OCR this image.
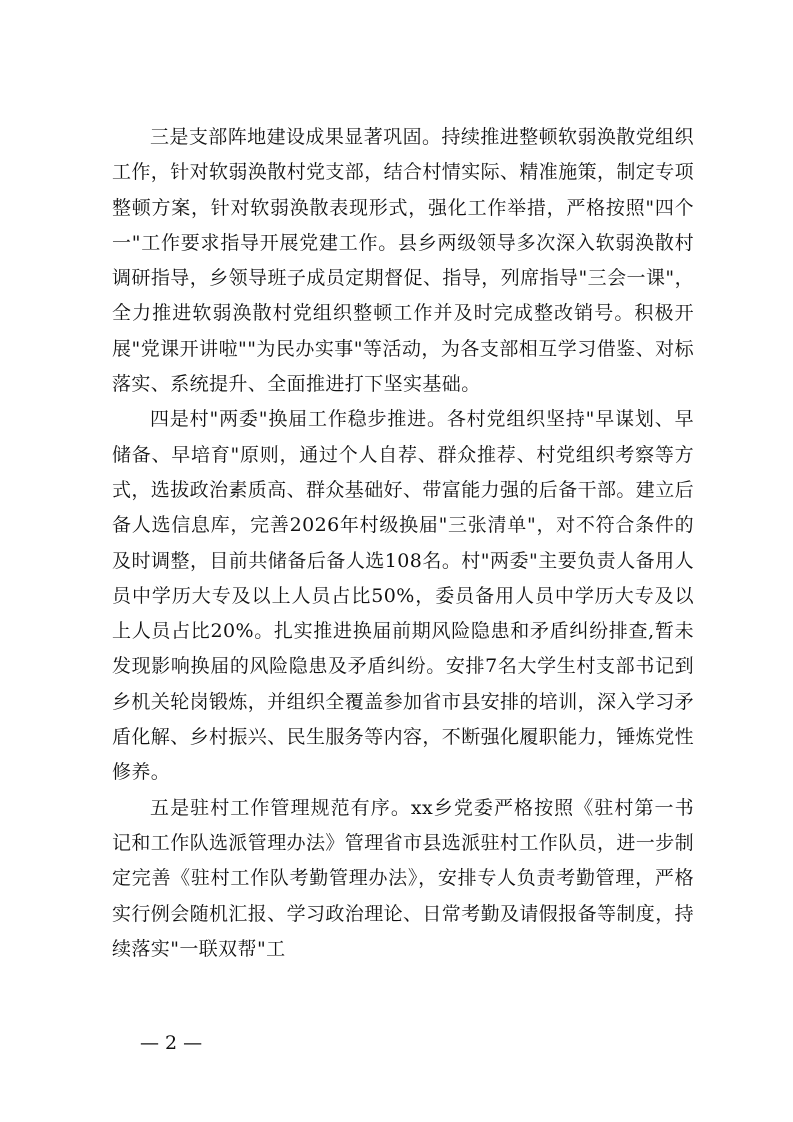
三是支部阵地建设成果显著巩固。持续推进整顿软弱涣散党组织工作，针对软弱涣散村党支部，结合村情实际、精准施策，制定专项整顿方案，针对软弱涣散表现形式，强化工作举措，严格按照"四个一"工作要求指导开展党建工作。县乡两级领导多次深入软弱涣散村调研指导，乡领导班子成员定期督促、指导，列席指导"三会一课"，全力推进软弱涣散村党组织整顿工作并及时完成整改销号。积极开展"党课开讲啦""为民办实事"等活动，为各支部相互学习借鉴、对标落实、系统提升、全面推进打下坚实基础。

四是村"两委"换届工作稳步推进。各村党组织坚持"早谋划、早储备、早培育"原则，通过个人自荐、群众推荐、村党组织考察等方式，选拔政治素质高、群众基础好、带富能力强的后备干部。建立后备人选信息库，完善2026年村级换届"三张清单"，对不符合条件的及时调整，目前共储备后备人选108名。村"两委"主要负责人备用人员中学历大专及以上人员占比50%，委员备用人员中学历大专及以上人员占比20%。扎实推进换届前期风险隐患和矛盾纠纷排查,暂未发现影响换届的风险隐患及矛盾纠纷。安排7名大学生村支部书记到乡机关轮岗锻炼，并组织全覆盖参加省市县安排的培训，深入学习矛盾化解、乡村振兴、民生服务等内容，不断强化履职能力，锤炼党性修养。

五是驻村工作管理规范有序。xx乡党委严格按照《驻村第一书记和工作队选派管理办法》管理省市县选派驻村工作队员，进一步制定完善《驻村工作队考勤管理办法》，安排专人负责考勤管理，严格实行例会随机汇报、学习政治理论、日常考勤及请假报备等制度，持续落实"一联双帮"工

— 2 —
